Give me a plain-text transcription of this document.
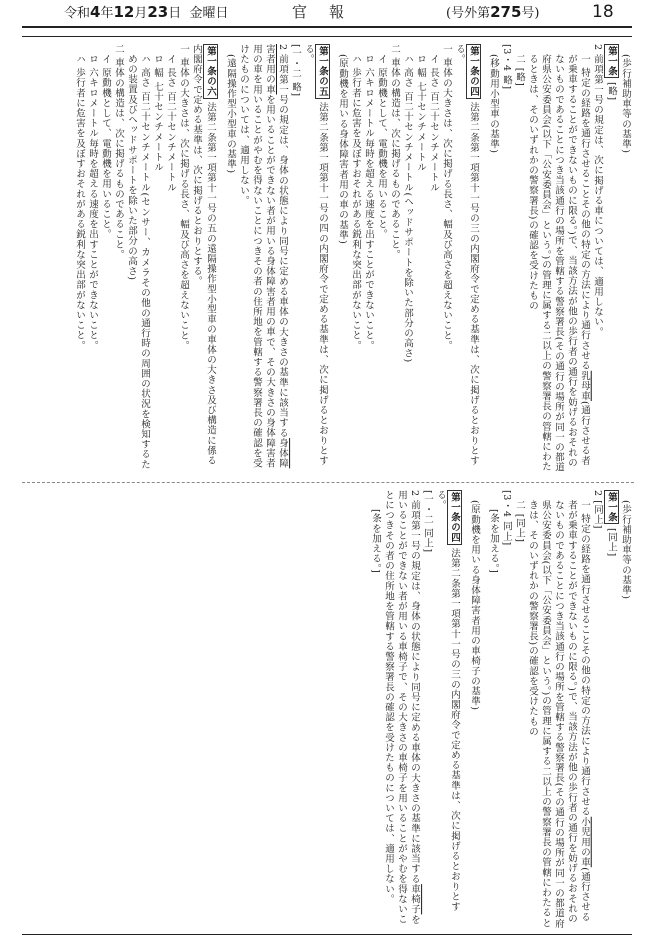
令和4年12月23日 金曜日	官報	(号外第275号)	18

(歩行補助車等の基準)

第一条 [略]

2 前項第一号の規定は、次に掲げる車については、適用しない。

一 特定の経路を通行させることその他の特定の方法により通行させる乳母車(通行させる者が乗車することができないものに限る。)で、当該方法が他の歩行者の通行を妨げるおそれのないものであることにつき当該通行の場所を管轄する警察署長(その通行の場所が同一の都道府県公安委員会(以下「公安委員会」という。)の管理に属する二以上の警察署長の管轄にわたるときは、そのいずれかの警察署長)の確認を受けたもの

二 [略]

[3・4 略]

(移動用小型車の基準)

第一条の四 法第二条第一項第十一号の三の内閣府令で定める基準は、次に掲げるとおりとする。

一 車体の大きさは、次に掲げる長さ、幅及び高さを超えないこと。

イ 長さ 百二十センチメートル

ロ 幅 七十センチメートル

ハ 高さ 百二十センチメートル(ヘッドサポートを除いた部分の高さ)

二 車体の構造は、次に掲げるものであること。

イ 原動機として、電動機を用いること。

ロ 六キロメートル毎時を超える速度を出すことができないこと。

ハ 歩行者に危害を及ぼすおそれがある鋭利な突出部がないこと。

(原動機を用いる身体障害者用の車の基準)

第一条の五 法第二条第一項第十一号の四の内閣府令で定める基準は、次に掲げるとおりとする。

[一・二 略]

2 前項第一号の規定は、身体の状態により同号に定める車体の大きさの基準に該当する身体障害者用の車を用いることができない者が用いる身体障害者用の車で、その大きさの身体障害者用の車を用いることがやむを得ないことにつきその者の住所地を管轄する警察署長の確認を受けたものについては、適用しない。

(遠隔操作型小型車の基準)

第一条の六 法第二条第一項第十一号の五の遠隔操作型小型車の車体の大きさ及び構造に係る内閣府令で定める基準は、次に掲げるとおりとする。

一 車体の大きさは、次に掲げる長さ、幅及び高さを超えないこと。

イ 長さ 百二十センチメートル

ロ 幅 七十センチメートル

ハ 高さ 百二十センチメートル(センサー、カメラその他の通行時の周囲の状況を検知するための装置及びヘッドサポートを除いた部分の高さ)

二 車体の構造は、次に掲げるものであること。

イ 原動機として、電動機を用いること。

ロ 六キロメートル毎時を超える速度を出すことができないこと。

ハ 歩行者に危害を及ぼすおそれがある鋭利な突出部がないこと。

(歩行補助車等の基準)

第一条 [同上]

2 [同上]

一 特定の経路を通行させることその他の特定の方法により通行させる小児用の車(通行させる者が乗車することができないものに限る。)で、当該方法が他の歩行者の通行を妨げるおそれのないものであることにつき当該通行の場所を管轄する警察署長(その通行の場所が同一の都道府県公安委員会(以下「公安委員会」という。)の管理に属する二以上の警察署長の管轄にわたるときは、そのいずれかの警察署長)の確認を受けたもの

二 [同上]

[3・4 同上]

[条を加える。]

(原動機を用いる身体障害者用の車椅子の基準)

第一条の四 法第二条第一項第十一号の三の内閣府令で定める基準は、次に掲げるとおりとする。

[一・二 同上]

2 前項第一号の規定は、身体の状態により同号に定める車体の大きさの基準に該当する車椅子を用いることができない者が用いる車椅子で、その大きさの車椅子を用いることがやむを得ないことにつきその者の住所地を管轄する警察署長の確認を受けたものについては、適用しない。

[条を加える。]
